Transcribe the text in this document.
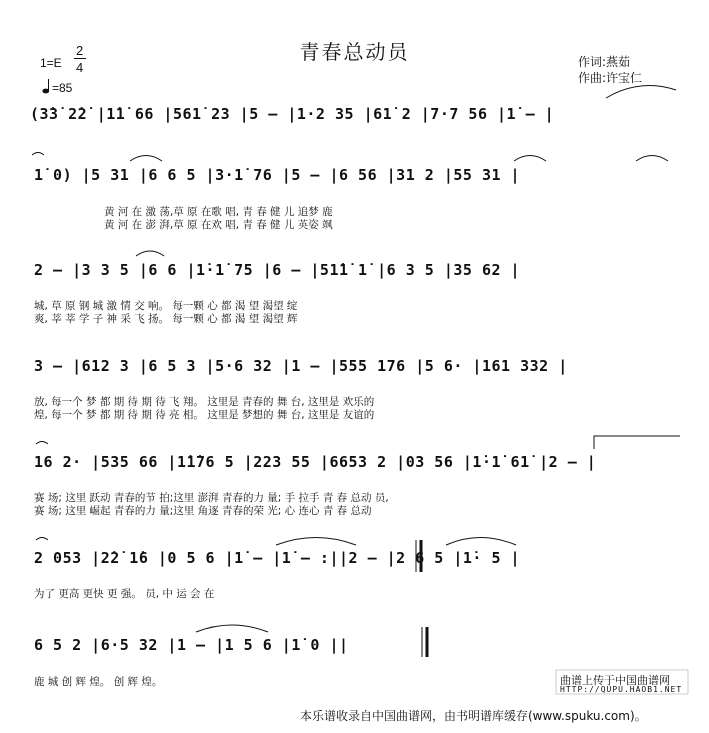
青春总动员
1=E
2
4
=85
作词:燕茹
作曲:许宝仁
(3̇3̇ 2̇2̇ |1̇1̇ 66 |561̇ 23 |5 – |1·2 35 |61̇ 2 |7·7 56 |1̇ – |
1̇ 0) |5 31 |6 6 5 |3·1̇ 76 |5 – |6 56 |31 2 |55 31 |
黄 河 在 激 荡,草 原 在歌 唱, 青 春 健 儿 追梦 鹿
黄 河 在 澎 湃,草 原 在欢 唱, 青 春 健 儿 英姿 飒
2 – |3 3 5 |6 6 |1̇·1̇ 75 |6 – |51̇1̇ 1̇ |6 3 5 |35 62 |
城, 草 原 钢 城 激 情 交 响。 每一颗 心 都 渴 望 渴望 绽
爽, 莘 莘 学 子 神 采 飞 扬。 每一颗 心 都 渴 望 渴望 辉
3 – |612 3 |6 5 3 |5·6 32 |1 – |555 176 |5 6· |161 332 |
放, 每一个 梦 都 期 待 期 待 飞 翔。 这里是 青春的 舞 台, 这里是 欢乐的
煌, 每一个 梦 都 期 待 期 待 亮 相。 这里是 梦想的 舞 台, 这里是 友谊的
16 2· |535 66 |1̇1̇76 5 |223 55 |6653 2 |03 56 |1̇·1̇ 61̇ |2 – |
赛 场; 这里 跃动 青春的节 拍;这里 澎湃 青春的力 量; 手 拉手 青 春 总动 员,
赛 场; 这里 崛起 青春的力 量;这里 角逐 青春的荣 光; 心 连心 青 春 总动
2 053 |2̇2̇ 1̇6 |0 5 6 |1̇ – |1̇ – :||2 – |2 6 5 |1̇· 5 |
为了 更高 更快 更 强。 员, 中 运 会 在
6 5 2 |6·5 32 |1 – |1 5 6 |1̇ 0 ||
鹿 城 创 辉 煌。 创 辉 煌。	曲谱上传于中国曲谱网
HTTP://QUPU.HAOB1.NET
本乐谱收录自中国曲谱网，由书明谱库缓存(www.spuku.com)。
